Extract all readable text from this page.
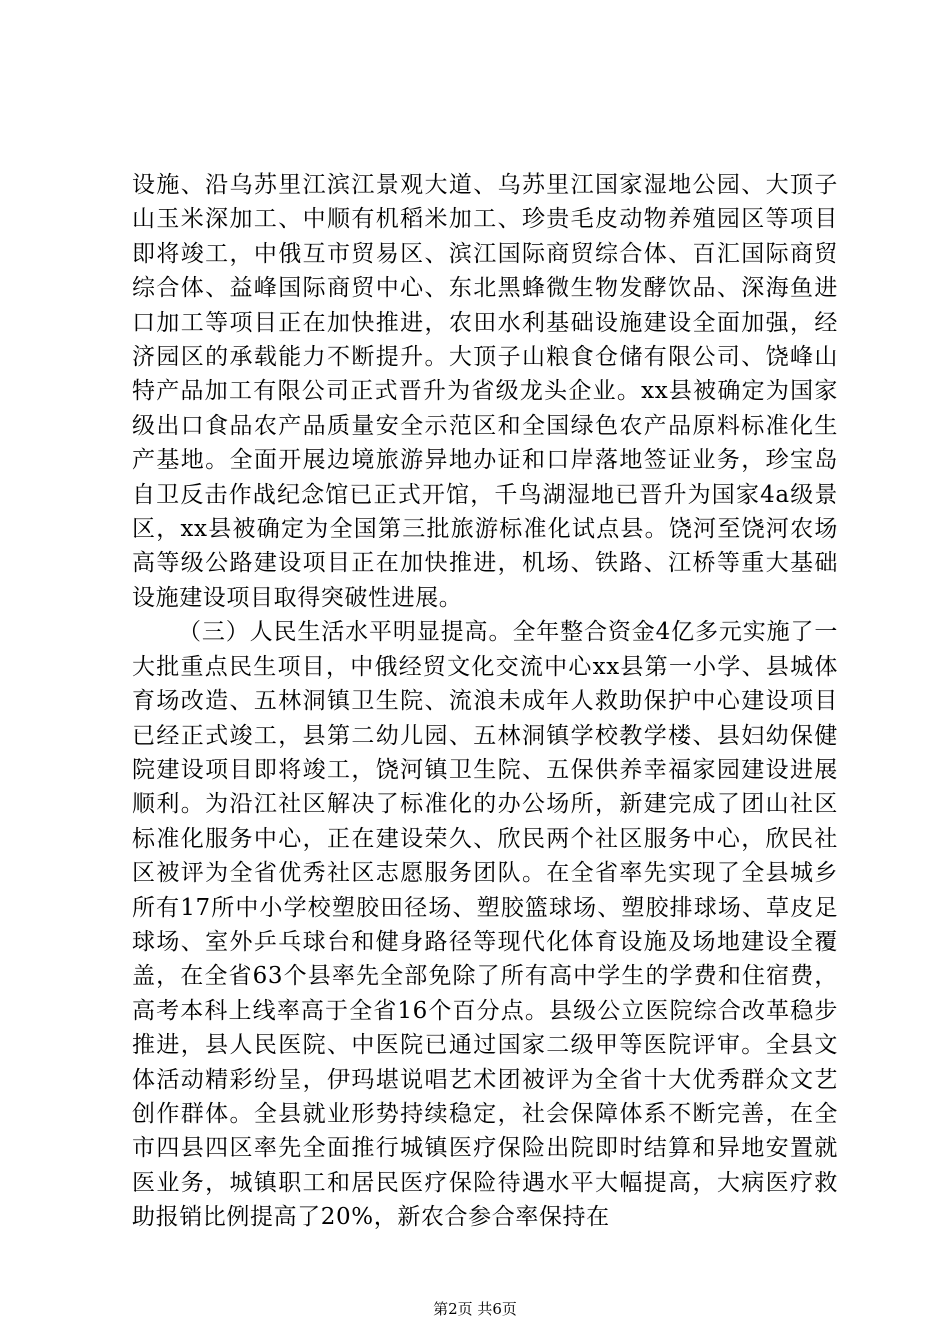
设施、沿乌苏里江滨江景观大道、乌苏里江国家湿地公园、大顶子山玉米深加工、中顺有机稻米加工、珍贵毛皮动物养殖园区等项目即将竣工，中俄互市贸易区、滨江国际商贸综合体、百汇国际商贸综合体、益峰国际商贸中心、东北黑蜂微生物发酵饮品、深海鱼进口加工等项目正在加快推进，农田水利基础设施建设全面加强，经济园区的承载能力不断提升。大顶子山粮食仓储有限公司、饶峰山特产品加工有限公司正式晋升为省级龙头企业。xx县被确定为国家级出口食品农产品质量安全示范区和全国绿色农产品原料标准化生产基地。全面开展边境旅游异地办证和口岸落地签证业务，珍宝岛自卫反击作战纪念馆已正式开馆，千鸟湖湿地已晋升为国家4a级景区，xx县被确定为全国第三批旅游标准化试点县。饶河至饶河农场高等级公路建设项目正在加快推进，机场、铁路、江桥等重大基础设施建设项目取得突破性进展。

（三）人民生活水平明显提高。全年整合资金4亿多元实施了一大批重点民生项目，中俄经贸文化交流中心xx县第一小学、县城体育场改造、五林洞镇卫生院、流浪未成年人救助保护中心建设项目已经正式竣工，县第二幼儿园、五林洞镇学校教学楼、县妇幼保健院建设项目即将竣工，饶河镇卫生院、五保供养幸福家园建设进展顺利。为沿江社区解决了标准化的办公场所，新建完成了团山社区标准化服务中心，正在建设荣久、欣民两个社区服务中心，欣民社区被评为全省优秀社区志愿服务团队。在全省率先实现了全县城乡所有17所中小学校塑胶田径场、塑胶篮球场、塑胶排球场、草皮足球场、室外乒乓球台和健身路径等现代化体育设施及场地建设全覆盖，在全省63个县率先全部免除了所有高中学生的学费和住宿费，高考本科上线率高于全省16个百分点。县级公立医院综合改革稳步推进，县人民医院、中医院已通过国家二级甲等医院评审。全县文体活动精彩纷呈，伊玛堪说唱艺术团被评为全省十大优秀群众文艺创作群体。全县就业形势持续稳定，社会保障体系不断完善，在全市四县四区率先全面推行城镇医疗保险出院即时结算和异地安置就医业务，城镇职工和居民医疗保险待遇水平大幅提高，大病医疗救助报销比例提高了20%，新农合参合率保持在

第2页 共6页
